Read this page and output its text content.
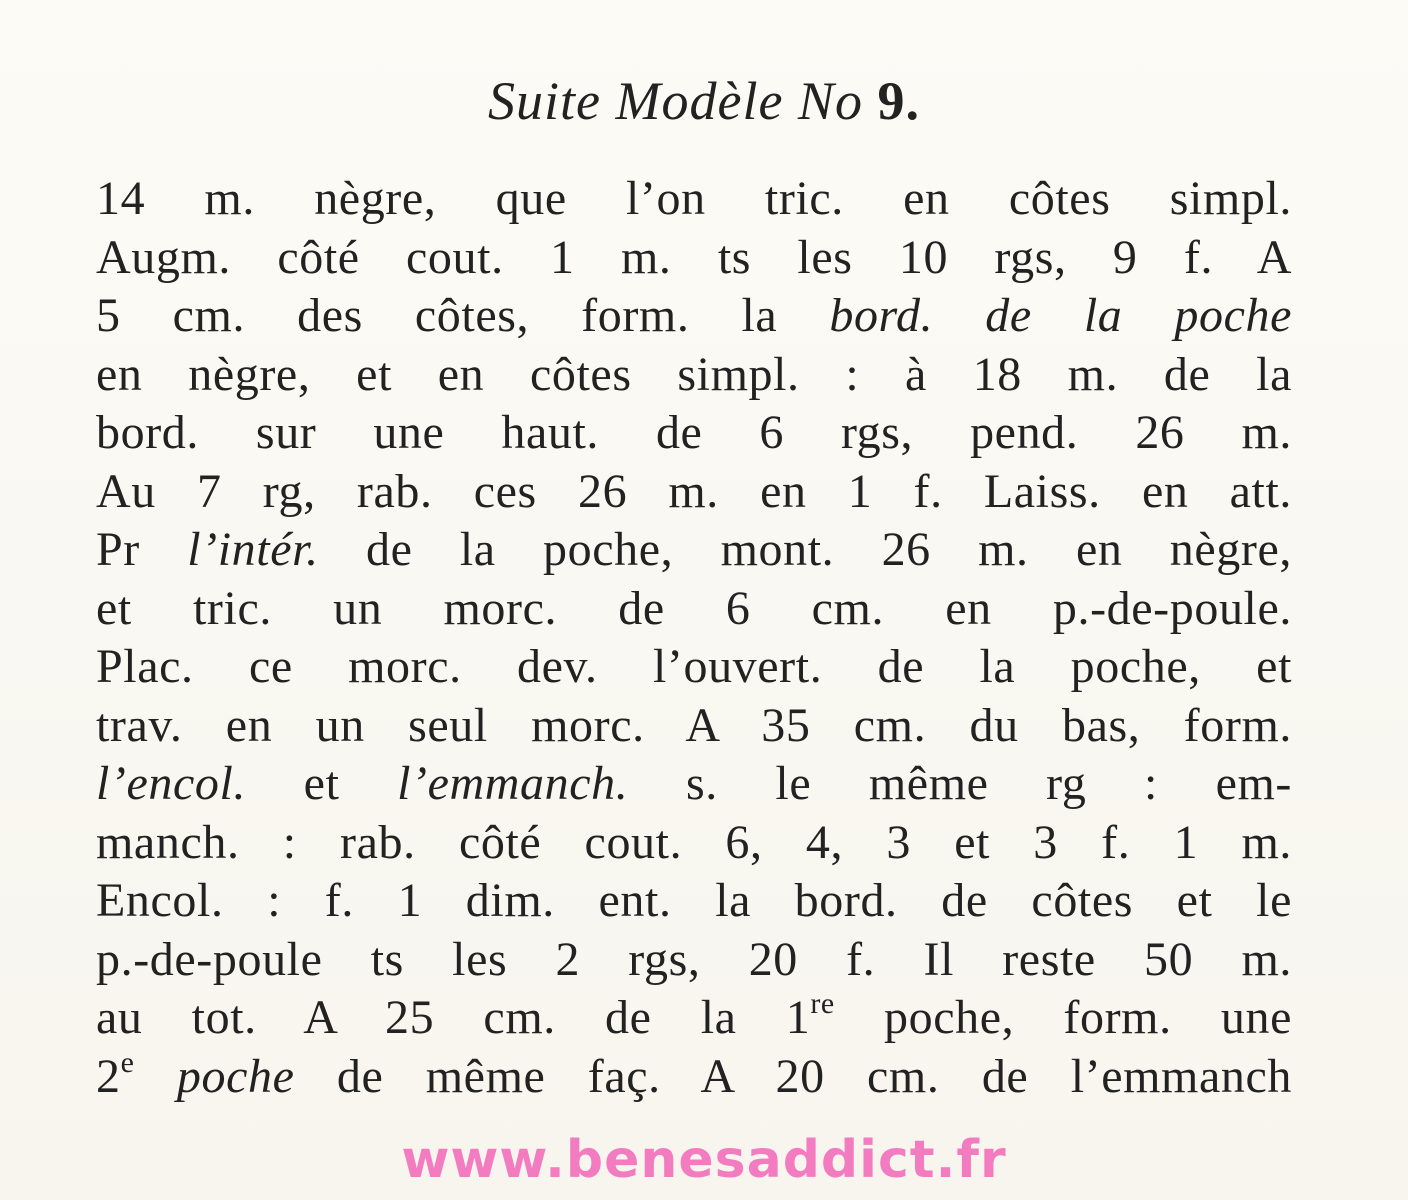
Suite Modèle No 9.
14 m. nègre, que l’on tric. en côtes simpl.
Augm. côté cout. 1 m. ts les 10 rgs, 9 f. A
5 cm. des côtes, form. la bord. de la poche
en nègre, et en côtes simpl. : à 18 m. de la
bord. sur une haut. de 6 rgs, pend. 26 m.
Au 7 rg, rab. ces 26 m. en 1 f. Laiss. en att.
Pr l’intér. de la poche, mont. 26 m. en nègre,
et tric. un morc. de 6 cm. en p.-de-poule.
Plac. ce morc. dev. l’ouvert. de la poche, et
trav. en un seul morc. A 35 cm. du bas, form.
l’encol. et l’emmanch. s. le même rg : em-
manch. : rab. côté cout. 6, 4, 3 et 3 f. 1 m.
Encol. : f. 1 dim. ent. la bord. de côtes et le
p.-de-poule ts les 2 rgs, 20 f. Il reste 50 m.
au tot. A 25 cm. de la 1re poche, form. une
2e poche de même faç. A 20 cm. de l’emmanch
www.benesaddict.fr
